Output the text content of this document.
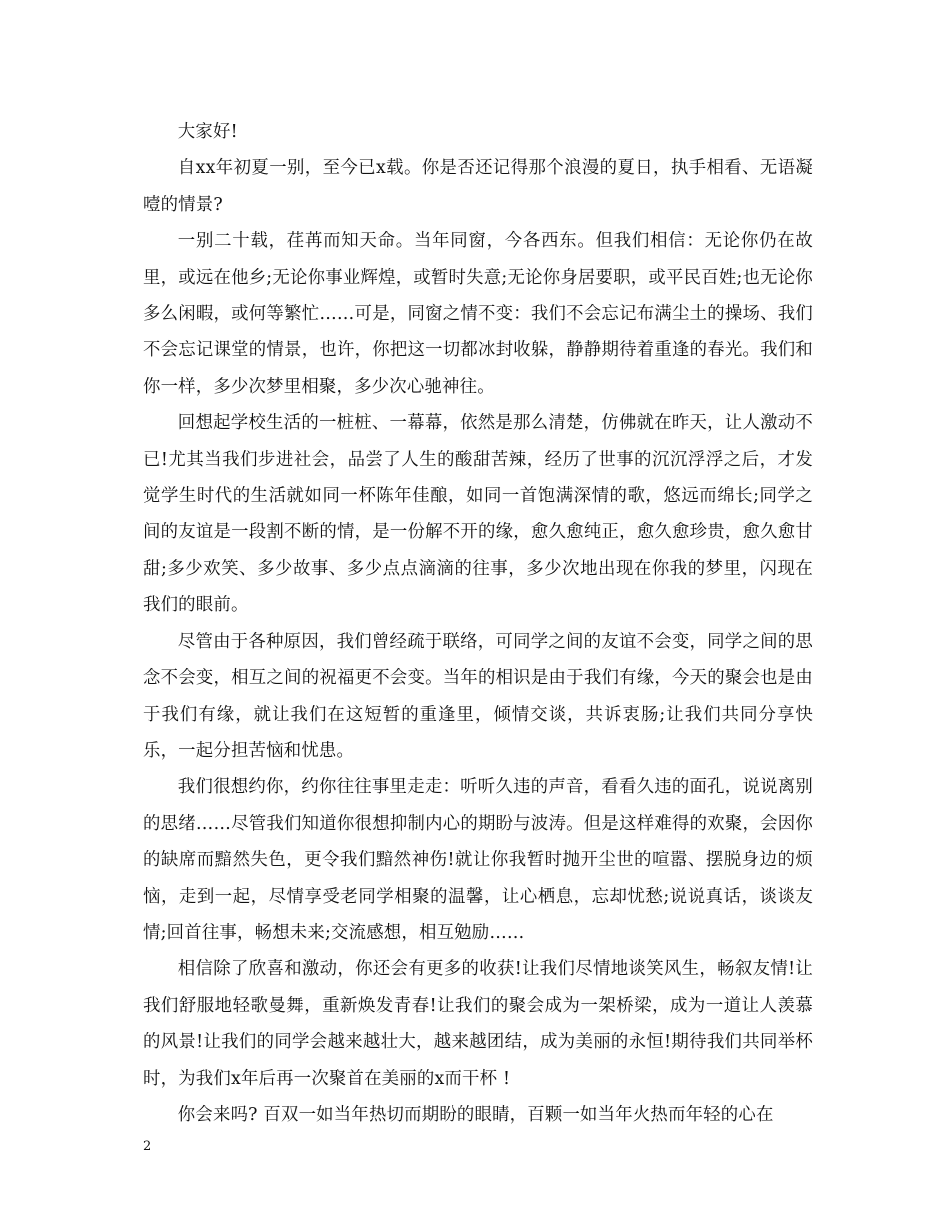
大家好!

自xx年初夏一别，至今已x载。你是否还记得那个浪漫的夏日，执手相看、无语凝噎的情景?

一别二十载，荏苒而知天命。当年同窗，今各西东。但我们相信：无论你仍在故里，或远在他乡;无论你事业辉煌，或暂时失意;无论你身居要职，或平民百姓;也无论你多么闲暇，或何等繁忙……可是，同窗之情不变：我们不会忘记布满尘土的操场、我们不会忘记课堂的情景，也许，你把这一切都冰封收躲，静静期待着重逢的春光。我们和你一样，多少次梦里相聚，多少次心驰神往。

回想起学校生活的一桩桩、一幕幕，依然是那么清楚，仿佛就在昨天，让人激动不已!尤其当我们步进社会，品尝了人生的酸甜苦辣，经历了世事的沉沉浮浮之后，才发觉学生时代的生活就如同一杯陈年佳酿，如同一首饱满深情的歌，悠远而绵长;同学之间的友谊是一段割不断的情，是一份解不开的缘，愈久愈纯正，愈久愈珍贵，愈久愈甘甜;多少欢笑、多少故事、多少点点滴滴的往事，多少次地出现在你我的梦里，闪现在我们的眼前。

尽管由于各种原因，我们曾经疏于联络，可同学之间的友谊不会变，同学之间的思念不会变，相互之间的祝福更不会变。当年的相识是由于我们有缘，今天的聚会也是由于我们有缘，就让我们在这短暂的重逢里，倾情交谈，共诉衷肠;让我们共同分享快乐，一起分担苦恼和忧患。

我们很想约你，约你往往事里走走：听听久违的声音，看看久违的面孔，说说离别的思绪……尽管我们知道你很想抑制内心的期盼与波涛。但是这样难得的欢聚，会因你的缺席而黯然失色，更令我们黯然神伤!就让你我暂时抛开尘世的喧嚣、摆脱身边的烦恼，走到一起，尽情享受老同学相聚的温馨，让心栖息，忘却忧愁;说说真话，谈谈友情;回首往事，畅想未来;交流感想，相互勉励……

相信除了欣喜和激动，你还会有更多的收获!让我们尽情地谈笑风生，畅叙友情!让我们舒服地轻歌曼舞，重新焕发青春!让我们的聚会成为一架桥梁，成为一道让人羡慕的风景!让我们的同学会越来越壮大，越来越团结，成为美丽的永恒!期待我们共同举杯时，为我们x年后再一次聚首在美丽的x而干杯 !

你会来吗? 百双一如当年热切而期盼的眼睛，百颗一如当年火热而年轻的心在

2
